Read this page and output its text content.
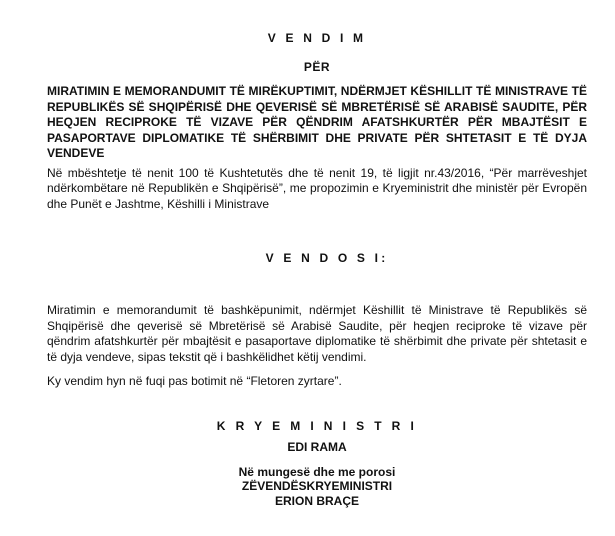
V E N D I M
PËR
MIRATIMIN E MEMORANDUMIT TË MIRËKUPTIMIT, NDËRMJET KËSHILLIT TË MINISTRAVE TË REPUBLIKËS SË SHQIPËRISË DHE QEVERISË SË MBRETËRISË SË ARABISË SAUDITE, PËR HEQJEN RECIPROKE TË VIZAVE PËR QËNDRIM AFATSHKURTËR PËR MBAJTËSIT E PASAPORTAVE DIPLOMATIKE TË SHËRBIMIT DHE PRIVATE PËR SHTETASIT E TË DYJA VENDEVE
Në mbështetje të nenit 100 të Kushtetutës dhe të nenit 19, të ligjit nr.43/2016, “Për marrëveshjet ndërkombëtare në Republikën e Shqipërisë”, me propozimin e Kryeministrit dhe ministër për Evropën dhe Punët e Jashtme, Këshilli i Ministrave
V E N D O S I:
Miratimin e memorandumit të bashkëpunimit, ndërmjet Këshillit të Ministrave të Republikës së Shqipërisë dhe qeverisë së Mbretërisë së Arabisë Saudite, për heqjen reciproke të vizave për qëndrim afatshkurtër për mbajtësit e pasaportave diplomatike të shërbimit dhe private për shtetasit e të dyja vendeve, sipas tekstit që i bashkëlidhet këtij vendimi.
Ky vendim hyn në fuqi pas botimit në “Fletoren zyrtare”.
K R Y E M I N I S T R I
EDI RAMA
Në mungesë dhe me porosi
ZËVENDËSKRYEMINISTRI
ERION BRAÇE
